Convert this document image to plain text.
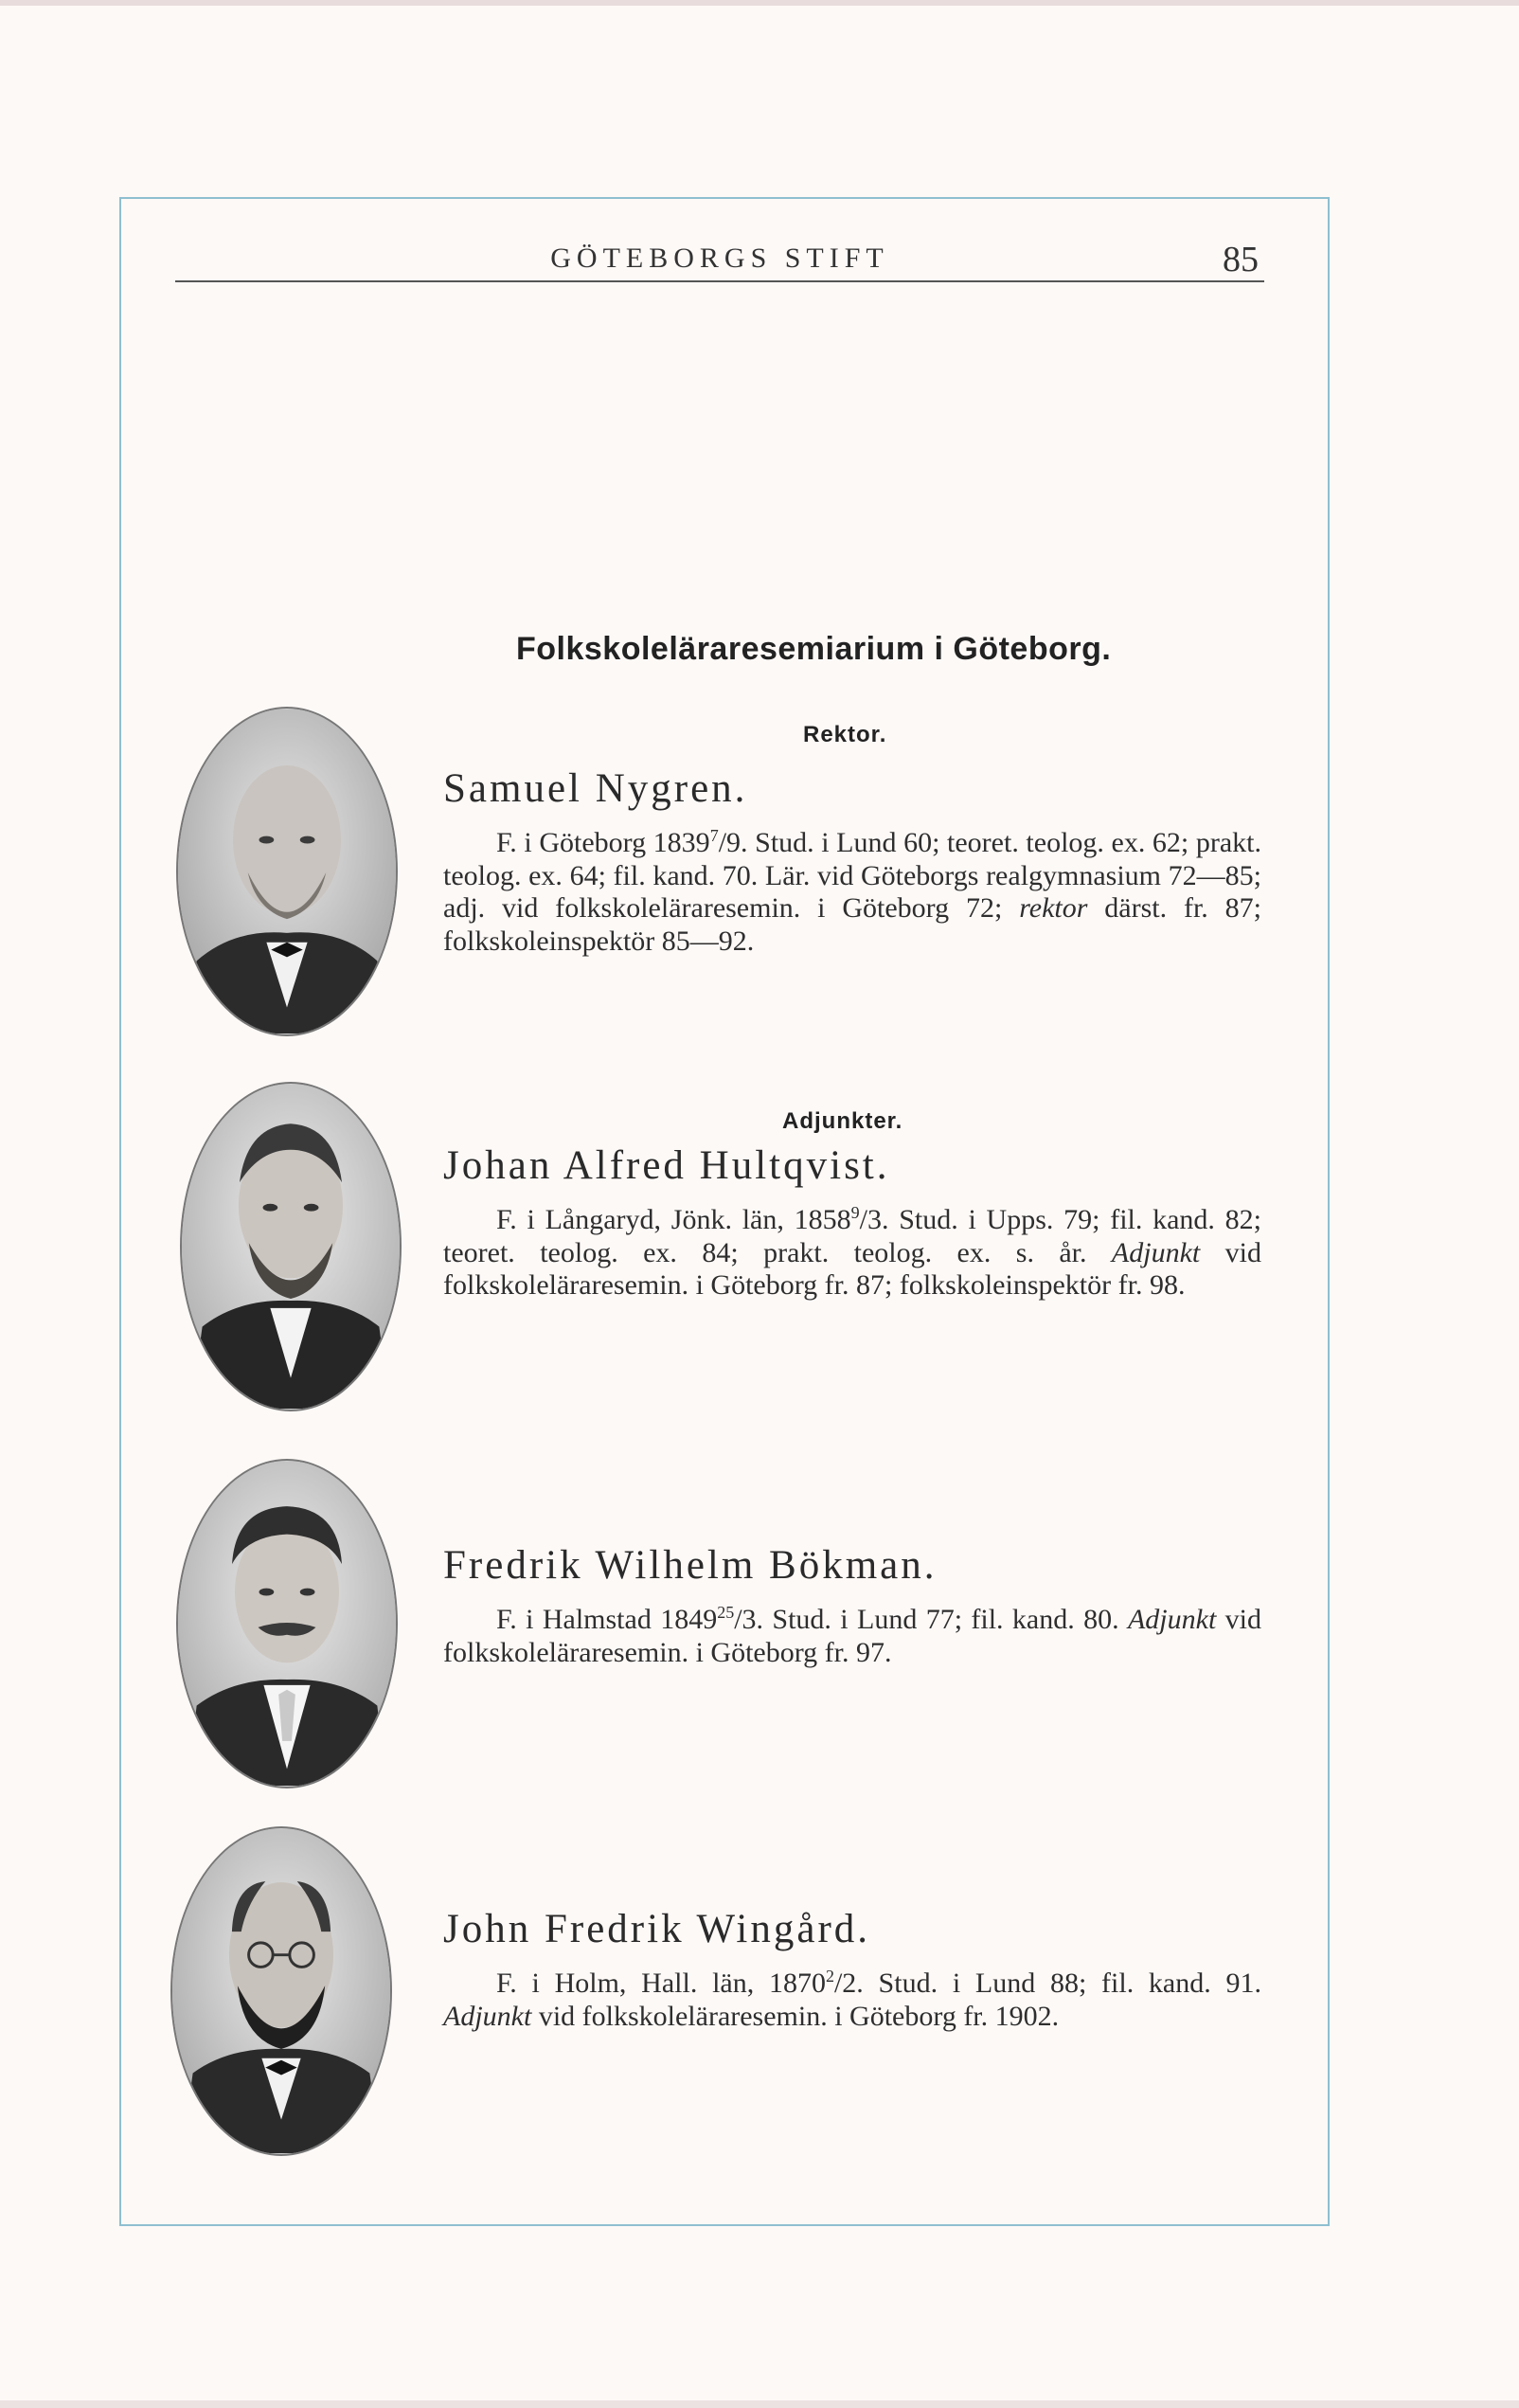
GÖTEBORGS STIFT	85
Folkskoleläraresemiarium i Göteborg.
Rektor.
Adjunkter.
Samuel Nygren.

F. i Göteborg 1839$^7$/9. Stud. i Lund 60; teoret. teolog. ex. 62; prakt. teolog. ex. 64; fil. kand. 70. Lär. vid Göteborgs realgymnasium 72—85; adj. vid folkskoleläraresemin. i Göteborg 72; rektor därst. fr. 87; folkskoleinspektör 85—92.

Johan Alfred Hultqvist.

F. i Långaryd, Jönk. län, 1858$^9$/3. Stud. i Upps. 79; fil. kand. 82; teoret. teolog. ex. 84; prakt. teolog. ex. s. år. Adjunkt vid folkskoleläraresemin. i Göteborg fr. 87; folkskoleinspektör fr. 98.

Fredrik Wilhelm Bökman.

F. i Halmstad 1849$^{25}$/3. Stud. i Lund 77; fil. kand. 80. Adjunkt vid folkskoleläraresemin. i Göteborg fr. 97.

John Fredrik Wingård.

F. i Holm, Hall. län, 1870$^2$/2. Stud. i Lund 88; fil. kand. 91. Adjunkt vid folkskoleläraresemin. i Göteborg fr. 1902.
